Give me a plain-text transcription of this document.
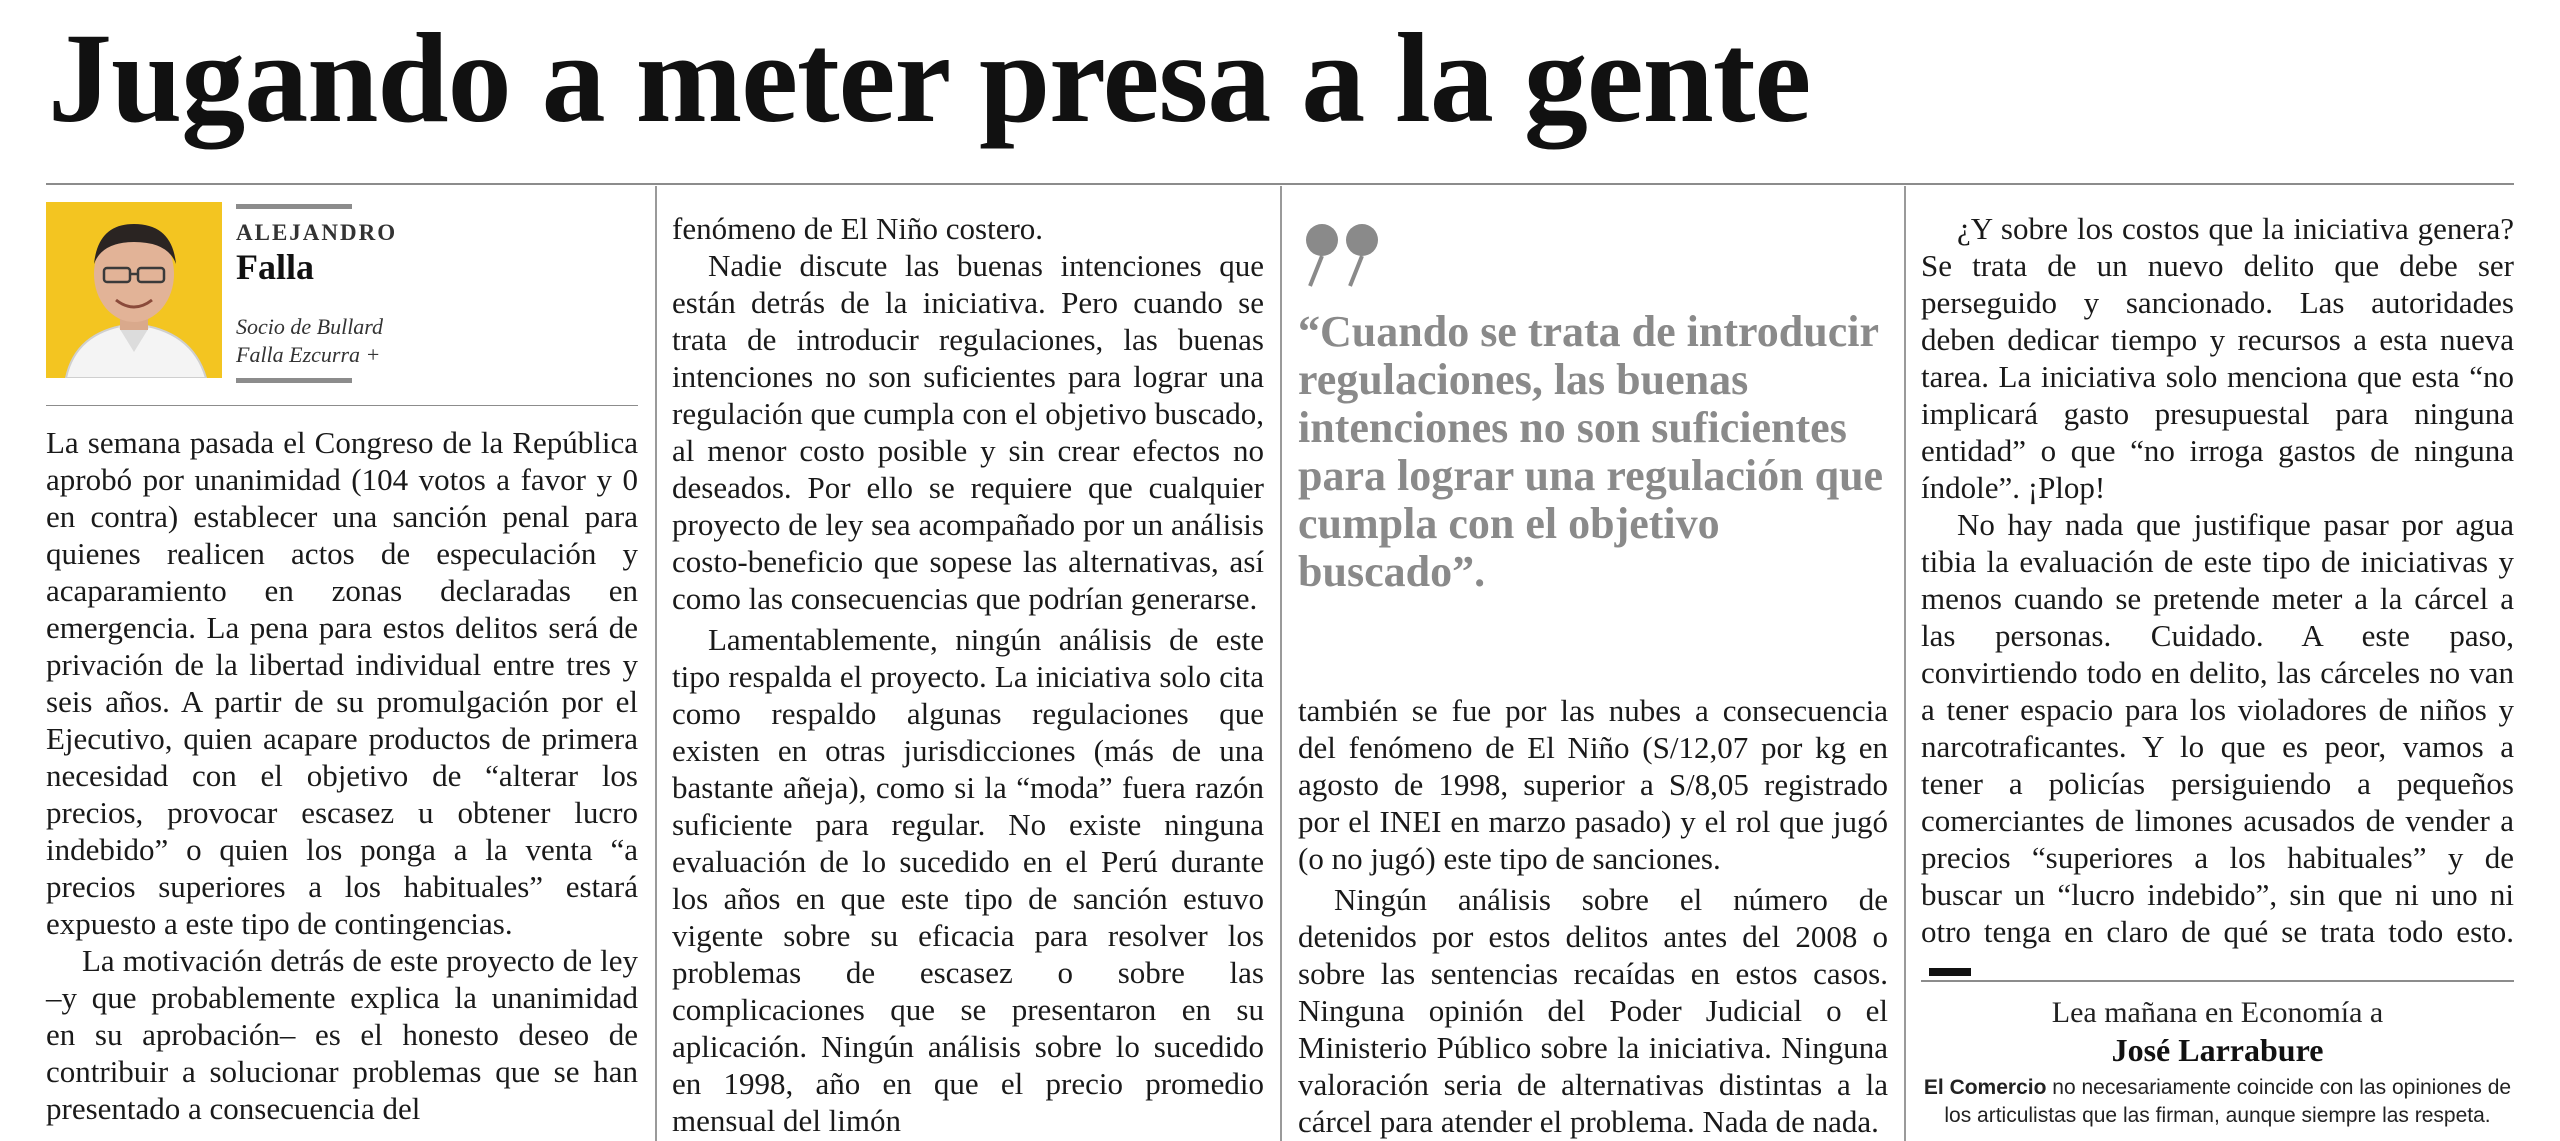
Jugando a meter presa a la gente
ALEJANDRO
Falla
Socio de Bullard
Falla Ezcurra +

La semana pasada el Congreso de la República aprobó por unanimidad (104 votos a favor y 0 en contra) establecer una sanción penal para quienes realicen actos de especulación y acaparamiento en zonas declaradas en emergencia. La pena para estos delitos será de privación de la libertad individual entre tres y seis años. A partir de su promulgación por el Ejecutivo, quien acapare productos de primera necesidad con el objetivo de “alterar los precios, provocar escasez u obtener lucro indebido” o quien los ponga a la venta “a precios superiores a los habituales” estará expuesto a este tipo de contingencias.

La motivación detrás de este proyecto de ley –y que probablemente explica la unanimidad en su aprobación– es el honesto deseo de contribuir a solucionar problemas que se han presentado a consecuencia del

fenómeno de El Niño costero.

Nadie discute las buenas intenciones que están detrás de la iniciativa. Pero cuando se trata de introducir regulaciones, las buenas intenciones no son suficientes para lograr una regulación que cumpla con el objetivo buscado, al menor costo posible y sin crear efectos no deseados. Por ello se requiere que cualquier proyecto de ley sea acompañado por un análisis costo-beneficio que sopese las alternativas, así como las consecuencias que podrían generarse.

Lamentablemente, ningún análisis de este tipo respalda el proyecto. La iniciativa solo cita como respaldo algunas regulaciones que existen en otras jurisdicciones (más de una bastante añeja), como si la “moda” fuera razón suficiente para regular. No existe ninguna evaluación de lo sucedido en el Perú durante los años en que este tipo de sanción estuvo vigente sobre su eficacia para resolver los problemas de escasez o sobre las complicaciones que se presentaron en su aplicación. Ningún análisis sobre lo sucedido en 1998, año en que el precio promedio mensual del limón

“Cuando se trata de introducir regulaciones, las buenas intenciones no son suficientes para lograr una regulación que cumpla con el objetivo buscado”.

también se fue por las nubes a consecuencia del fenómeno de El Niño (S/12,07 por kg en agosto de 1998, superior a S/8,05 registrado por el INEI en marzo pasado) y el rol que jugó (o no jugó) este tipo de sanciones.

Ningún análisis sobre el número de detenidos por estos delitos antes del 2008 o sobre las sentencias recaídas en estos casos. Ninguna opinión del Poder Judicial o el Ministerio Público sobre la iniciativa. Ninguna valoración seria de alternativas distintas a la cárcel para atender el problema. Nada de nada.

¿Y sobre los costos que la iniciativa genera? Se trata de un nuevo delito que debe ser perseguido y sancionado. Las autoridades deben dedicar tiempo y recursos a esta nueva tarea. La iniciativa solo menciona que esta “no implicará gasto presupuestal para ninguna entidad” o que “no irroga gastos de ninguna índole”. ¡Plop!

No hay nada que justifique pasar por agua tibia la evaluación de este tipo de iniciativas y menos cuando se pretende meter a la cárcel a las personas. Cuidado. A este paso, convirtiendo todo en delito, las cárceles no van a tener espacio para los violadores de niños y narcotraficantes. Y lo que es peor, vamos a tener a policías persiguiendo a pequeños comerciantes de limones acusados de vender a precios “superiores a los habituales” y de buscar un “lucro indebido”, sin que ni uno ni otro tenga en claro de qué se trata todo esto.

Lea mañana en Economía a
José Larrabure
El Comercio no necesariamente coincide con las opiniones de los articulistas que las firman, aunque siempre las respeta.
